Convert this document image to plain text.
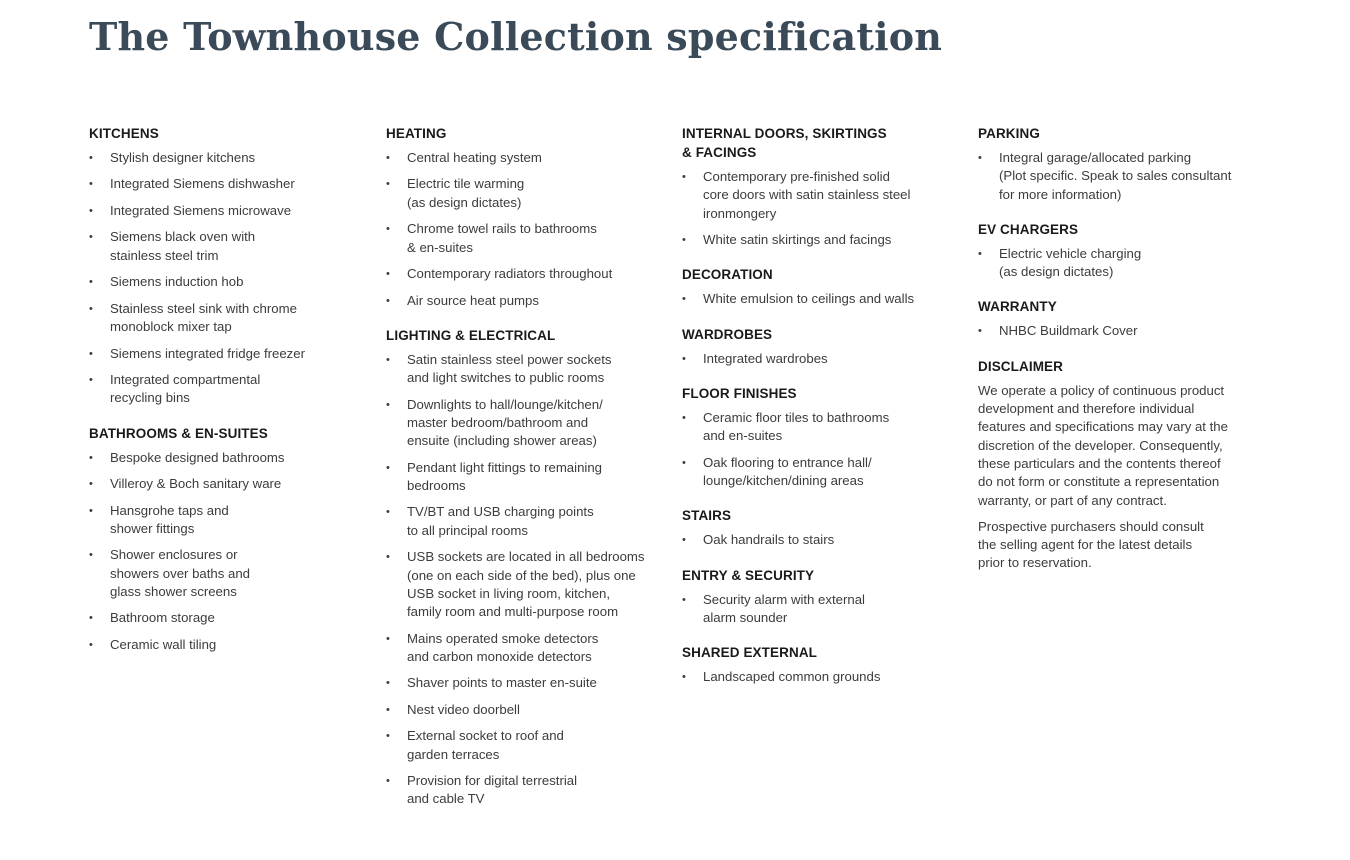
The Townhouse Collection specification
KITCHENS
• Stylish designer kitchens
• Integrated Siemens dishwasher
• Integrated Siemens microwave
• Siemens black oven with
stainless steel trim
• Siemens induction hob
• Stainless steel sink with chrome
monoblock mixer tap
• Siemens integrated fridge freezer
• Integrated compartmental
recycling bins
BATHROOMS & EN-SUITES
• Bespoke designed bathrooms
• Villeroy & Boch sanitary ware
• Hansgrohe taps and
shower fittings
• Shower enclosures or
showers over baths and
glass shower screens
• Bathroom storage
• Ceramic wall tiling
HEATING
• Central heating system
• Electric tile warming
(as design dictates)
• Chrome towel rails to bathrooms
& en-suites
• Contemporary radiators throughout
• Air source heat pumps
LIGHTING & ELECTRICAL
• Satin stainless steel power sockets
and light switches to public rooms
• Downlights to hall/lounge/kitchen/
master bedroom/bathroom and
ensuite (including shower areas)
• Pendant light fittings to remaining
bedrooms
• TV/BT and USB charging points
to all principal rooms
• USB sockets are located in all bedrooms
(one on each side of the bed), plus one
USB socket in living room, kitchen,
family room and multi-purpose room
• Mains operated smoke detectors
and carbon monoxide detectors
• Shaver points to master en-suite
• Nest video doorbell
• External socket to roof and
garden terraces
• Provision for digital terrestrial
and cable TV
INTERNAL DOORS, SKIRTINGS
& FACINGS
• Contemporary pre-finished solid
core doors with satin stainless steel
ironmongery
• White satin skirtings and facings
DECORATION
• White emulsion to ceilings and walls
WARDROBES
• Integrated wardrobes
FLOOR FINISHES
• Ceramic floor tiles to bathrooms
and en-suites
• Oak flooring to entrance hall/
lounge/kitchen/dining areas
STAIRS
• Oak handrails to stairs
ENTRY & SECURITY
• Security alarm with external
alarm sounder
SHARED EXTERNAL
• Landscaped common grounds
PARKING
• Integral garage/allocated parking
(Plot specific. Speak to sales consultant
for more information)
EV CHARGERS
• Electric vehicle charging
(as design dictates)
WARRANTY
• NHBC Buildmark Cover
DISCLAIMER

We operate a policy of continuous product
development and therefore individual
features and specifications may vary at the
discretion of the developer. Consequently,
these particulars and the contents thereof
do not form or constitute a representation
warranty, or part of any contract.

Prospective purchasers should consult
the selling agent for the latest details
prior to reservation.
